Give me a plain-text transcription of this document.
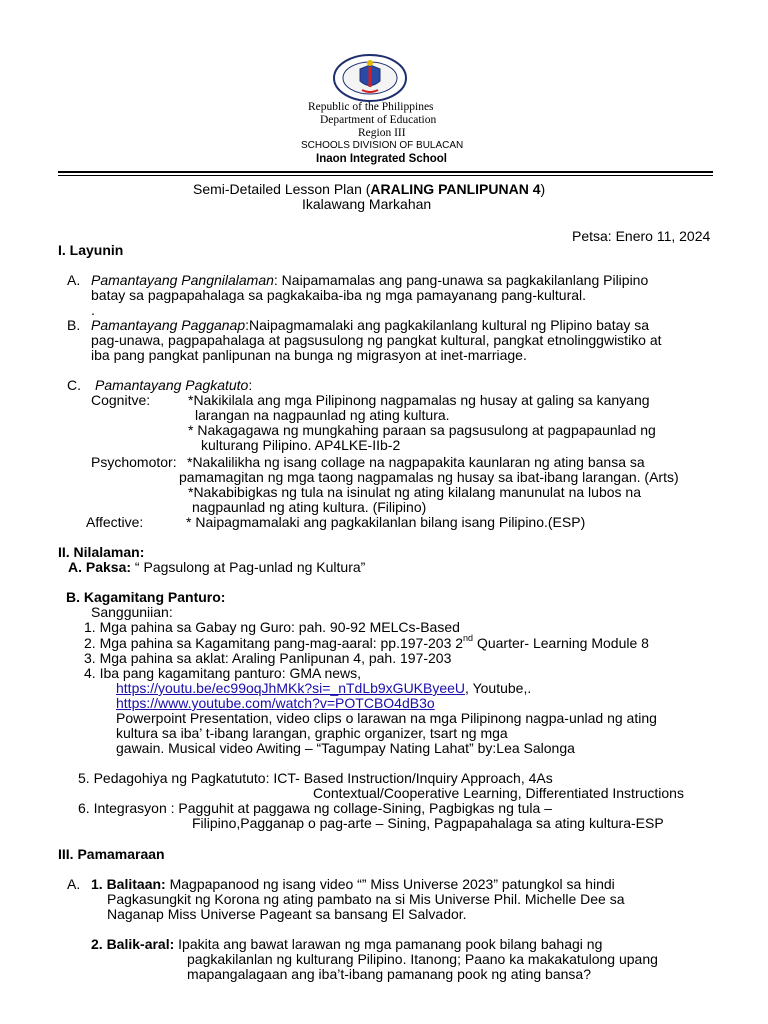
Republic of the Philippines
Department of Education
Region III
SCHOOLS DIVISION OF BULACAN
Inaon Integrated School
Semi-Detailed Lesson Plan (ARALING PANLIPUNAN 4)
Ikalawang Markahan
Petsa: Enero 11, 2024
I. Layunin
A. Pamantayang Pangnilalaman: Naipamamalas ang pang-unawa sa pagkakilanlang Pilipino
batay sa pagpapahalaga sa pagkakaiba-iba ng mga pamayanang pang-kultural.
.
B. Pamantayang Pagganap:Naipagmamalaki ang pagkakilanlang kultural ng Plipino batay sa
pag-unawa, pagpapahalaga at pagsusulong ng pangkat kultural, pangkat etnolinggwistiko at
iba pang pangkat panlipunan na bunga ng migrasyon at inet-marriage.
C. Pamantayang Pagkatuto:
Cognitve:	*Nakikilala ang mga Pilipinong nagpamalas ng husay at galing sa kanyang
larangan na nagpaunlad ng ating kultura.
* Nakagagawa ng mungkahing paraan sa pagsusulong at pagpapaunlad ng
kulturang Pilipino. AP4LKE-IIb-2
Psychomotor: *Nakalilikha ng isang collage na nagpapakita kaunlaran ng ating bansa sa
pamamagitan ng mga taong nagpamalas ng husay sa ibat-ibang larangan. (Arts)
*Nakabibigkas ng tula na isinulat ng ating kilalang manunulat na lubos na
nagpaunlad ng ating kultura. (Filipino)
Affective:	* Naipagmamalaki ang pagkakilanlan bilang isang Pilipino.(ESP)
II. Nilalaman:
A. Paksa: “ Pagsulong at Pag-unlad ng Kultura”
B. Kagamitang Panturo:
Sangguniian:
1. Mga pahina sa Gabay ng Guro: pah. 90-92 MELCs-Based
2. Mga pahina sa Kagamitang pang-mag-aaral: pp.197-203 2nd Quarter- Learning Module 8
3. Mga pahina sa aklat: Araling Panlipunan 4, pah. 197-203
4. Iba pang kagamitang panturo: GMA news,
https://youtu.be/ec99oqJhMKk?si=_nTdLb9xGUKByeeU, Youtube,.
https://www.youtube.com/watch?v=POTCBO4dB3o
Powerpoint Presentation, video clips o larawan na mga Pilipinong nagpa-unlad ng ating
kultura sa iba’ t-ibang larangan, graphic organizer, tsart ng mga
gawain. Musical video Awiting – “Tagumpay Nating Lahat” by:Lea Salonga
5. Pedagohiya ng Pagkatututo: ICT- Based Instruction/Inquiry Approach, 4As
Contextual/Cooperative Learning, Differentiated Instructions
6. Integrasyon : Pagguhit at paggawa ng collage-Sining, Pagbigkas ng tula –
Filipino,Pagganap o pag-arte – Sining, Pagpapahalaga sa ating kultura-ESP
III. Pamamaraan
A. 1. Balitaan: Magpapanood ng isang video “” Miss Universe 2023” patungkol sa hindi
Pagkasungkit ng Korona ng ating pambato na si Mis Universe Phil. Michelle Dee sa
Naganap Miss Universe Pageant sa bansang El Salvador.
2. Balik-aral: Ipakita ang bawat larawan ng mga pamanang pook bilang bahagi ng
pagkakilanlan ng kulturang Pilipino. Itanong; Paano ka makakatulong upang
mapangalagaan ang iba’t-ibang pamanang pook ng ating bansa?
